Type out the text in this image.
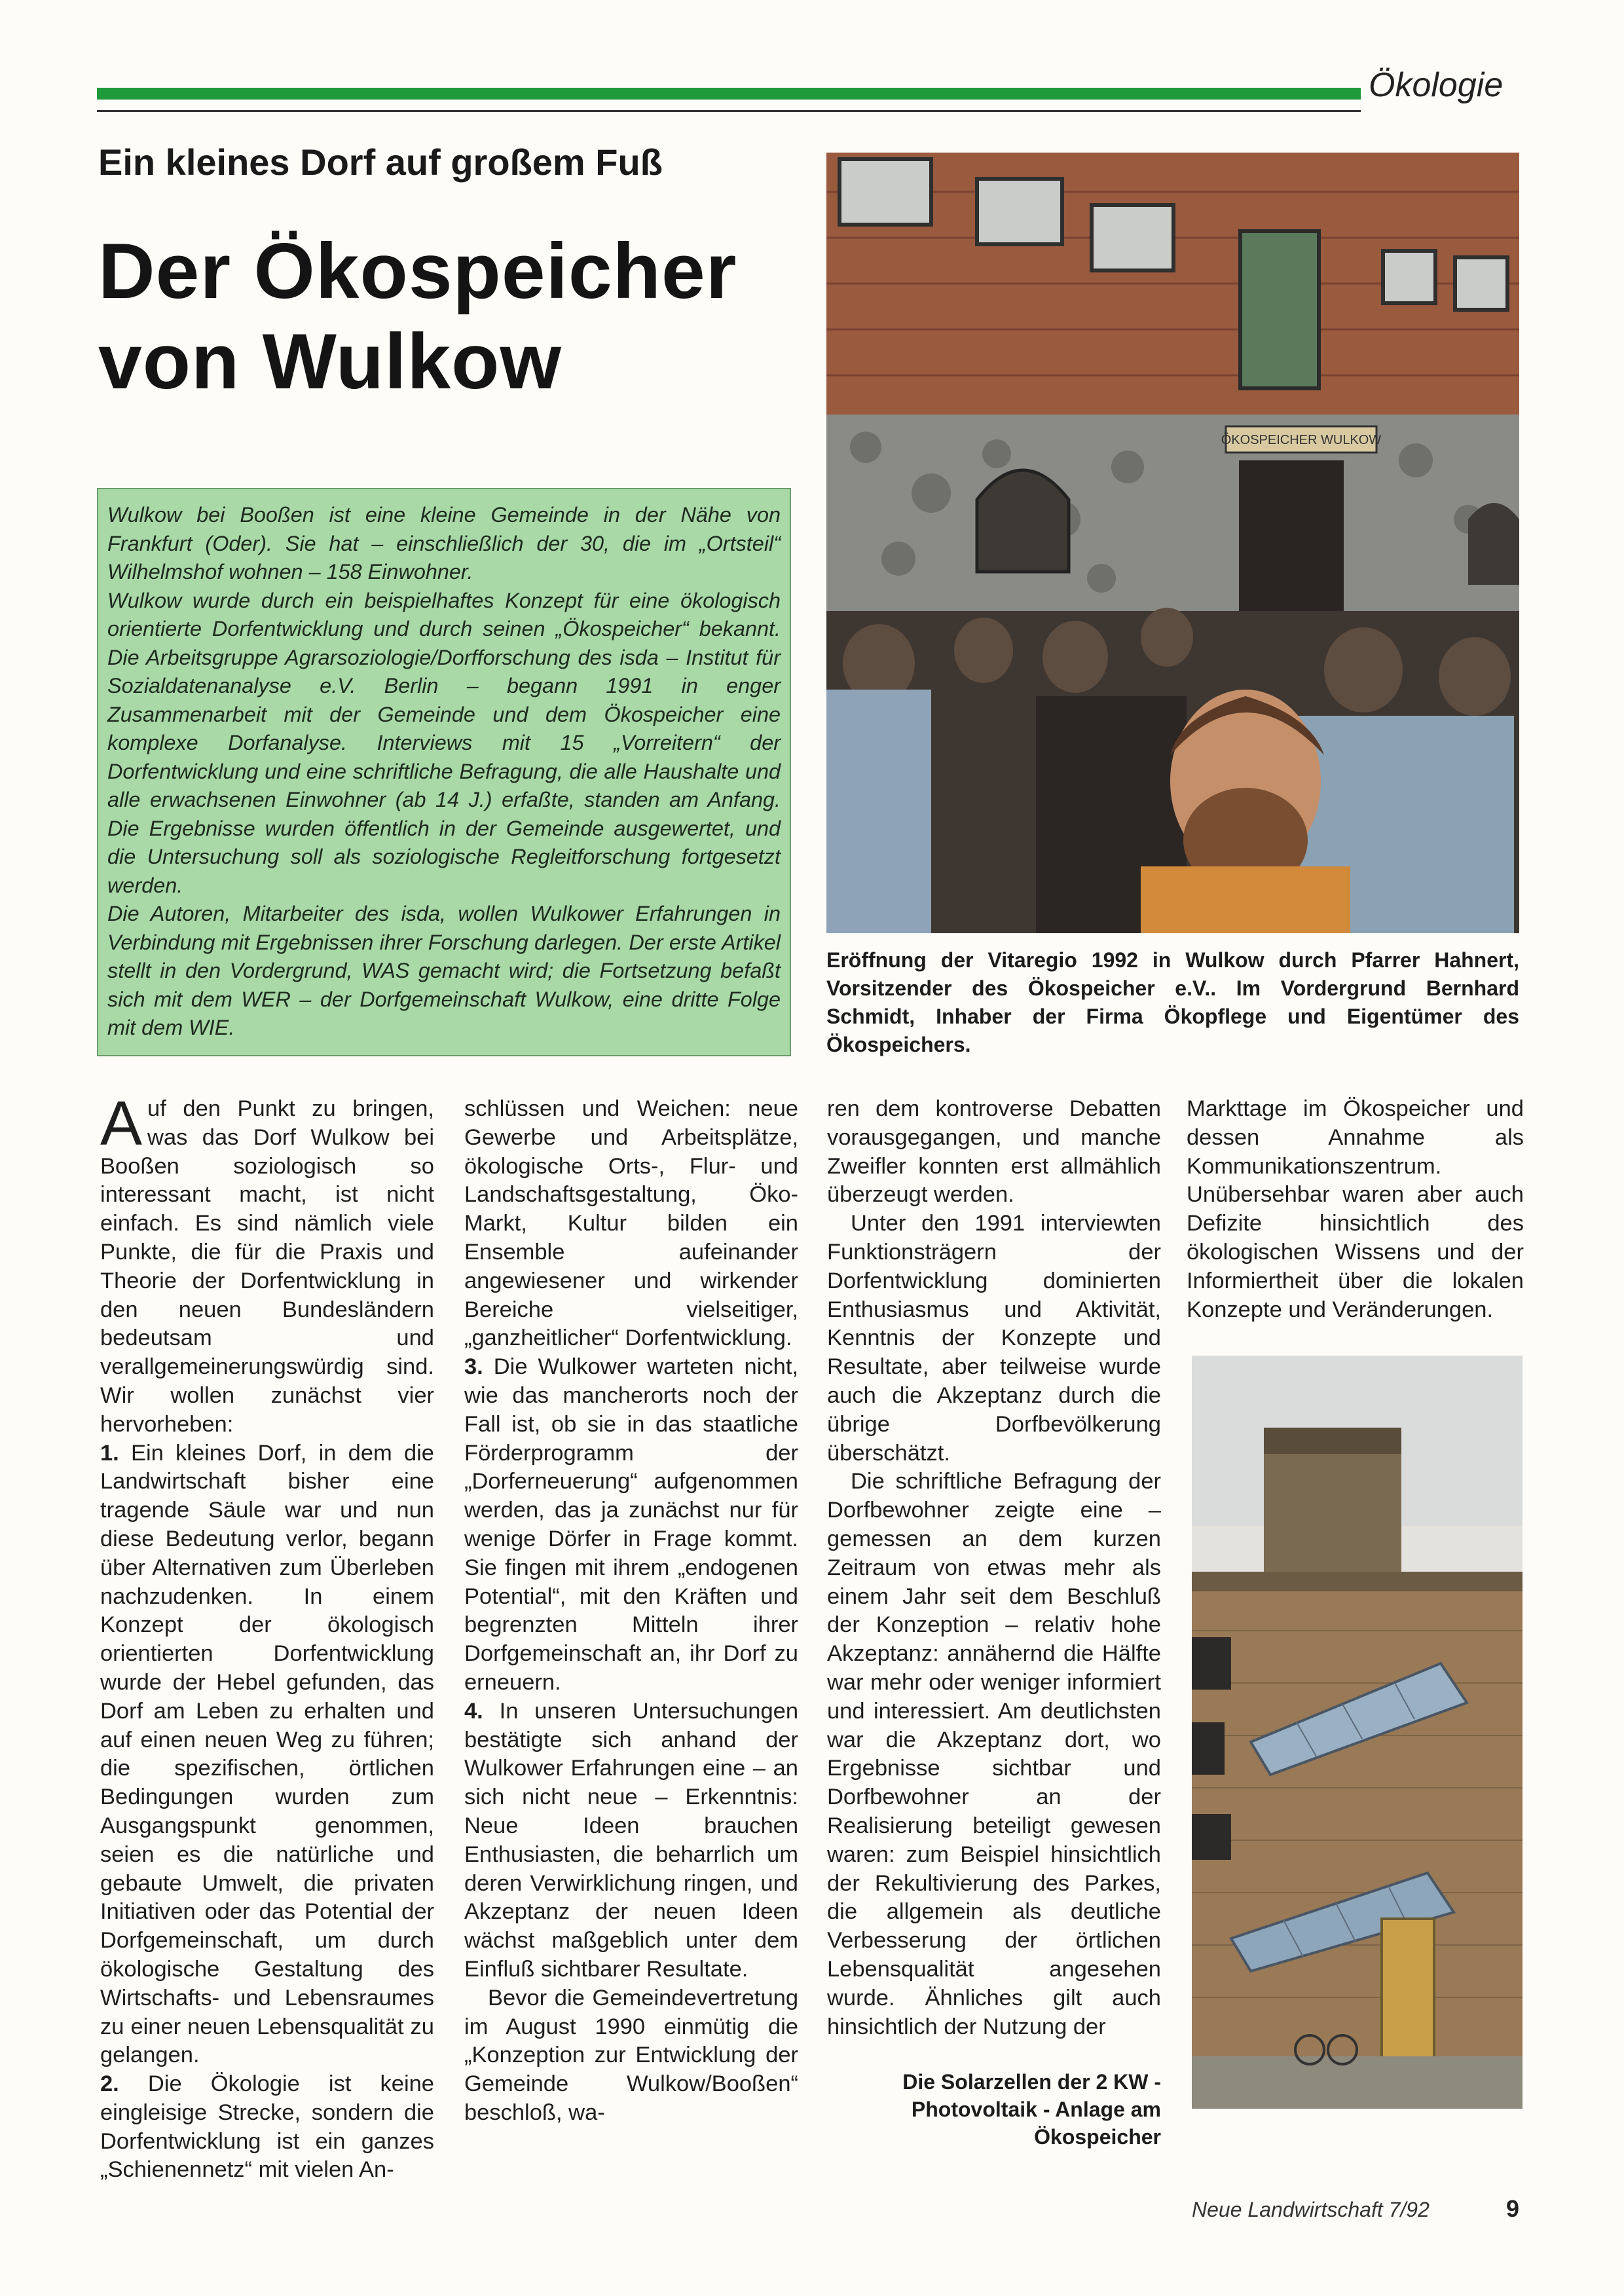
Ökologie
Ein kleines Dorf auf großem Fuß
Der Ökospeicher
von Wulkow

Wulkow bei Booßen ist eine kleine Gemeinde in der Nähe von Frankfurt (Oder). Sie hat – einschließlich der 30, die im „Ortsteil“ Wilhelmshof wohnen – 158 Einwohner.

Wulkow wurde durch ein beispielhaftes Konzept für eine ökologisch orientierte Dorfentwicklung und durch seinen „Ökospeicher“ bekannt. Die Arbeitsgruppe Agrarsoziologie/Dorfforschung des isda – Institut für Sozialdatenanalyse e.V. Berlin – begann 1991 in enger Zusammenarbeit mit der Gemeinde und dem Ökospeicher eine komplexe Dorfanalyse. Interviews mit 15 „Vorreitern“ der Dorfentwicklung und eine schriftliche Befragung, die alle Haushalte und alle erwachsenen Einwohner (ab 14 J.) erfaßte, standen am Anfang. Die Ergebnisse wurden öffentlich in der Gemeinde ausgewertet, und die Untersuchung soll als soziologische Regleitforschung fortgesetzt werden.

Die Autoren, Mitarbeiter des isda, wollen Wulkower Erfahrungen in Verbindung mit Ergebnissen ihrer Forschung darlegen. Der erste Artikel stellt in den Vordergrund, WAS gemacht wird; die Fortsetzung befaßt sich mit dem WER – der Dorfgemeinschaft Wulkow, eine dritte Folge mit dem WIE.

ÖKOSPEICHER WULKOW
Eröffnung der Vitaregio 1992 in Wulkow durch Pfarrer Hahnert, Vorsitzender des Ökospeicher e.V.. Im Vordergrund Bernhard Schmidt, Inhaber der Firma Ökopflege und Eigentümer des Ökospeichers.

Auf den Punkt zu bringen, was das Dorf Wulkow bei Booßen soziologisch so interessant macht, ist nicht einfach. Es sind nämlich viele Punkte, die für die Praxis und Theorie der Dorfentwicklung in den neuen Bundesländern bedeutsam und verallgemeinerungswürdig sind. Wir wollen zunächst vier hervorheben:

1. Ein kleines Dorf, in dem die Landwirtschaft bisher eine tragende Säule war und nun diese Bedeutung verlor, begann über Alternativen zum Überleben nachzudenken. In einem Konzept der ökologisch orientierten Dorfentwicklung wurde der Hebel gefunden, das Dorf am Leben zu erhalten und auf einen neuen Weg zu führen; die spezifischen, örtlichen Bedingungen wurden zum Ausgangspunkt genommen, seien es die natürliche und gebaute Umwelt, die privaten Initiativen oder das Potential der Dorfgemeinschaft, um durch ökologische Gestaltung des Wirtschafts- und Lebensraumes zu einer neuen Lebensqualität zu gelangen.

2. Die Ökologie ist keine eingleisige Strecke, sondern die Dorfentwicklung ist ein ganzes „Schienennetz“ mit vielen An-

schlüssen und Weichen: neue Gewerbe und Arbeitsplätze, ökologische Orts-, Flur- und Landschaftsgestaltung, Öko-Markt, Kultur bilden ein Ensemble aufeinander angewiesener und wirkender Bereiche vielseitiger, „ganzheitlicher“ Dorfentwicklung.

3. Die Wulkower warteten nicht, wie das mancherorts noch der Fall ist, ob sie in das staatliche Förderprogramm der „Dorferneuerung“ aufgenommen werden, das ja zunächst nur für wenige Dörfer in Frage kommt. Sie fingen mit ihrem „endogenen Potential“, mit den Kräften und begrenzten Mitteln ihrer Dorfgemeinschaft an, ihr Dorf zu erneuern.

4. In unseren Untersuchungen bestätigte sich anhand der Wulkower Erfahrungen eine – an sich nicht neue – Erkenntnis: Neue Ideen brauchen Enthusiasten, die beharrlich um deren Verwirklichung ringen, und Akzeptanz der neuen Ideen wächst maßgeblich unter dem Einfluß sichtbarer Resultate.

Bevor die Gemeindevertretung im August 1990 einmütig die „Konzeption zur Entwicklung der Gemeinde Wulkow/Booßen“ beschloß, wa-

ren dem kontroverse Debatten vorausgegangen, und manche Zweifler konnten erst allmählich überzeugt werden.

Unter den 1991 interviewten Funktionsträgern der Dorfentwicklung dominierten Enthusiasmus und Aktivität, Kenntnis der Konzepte und Resultate, aber teilweise wurde auch die Akzeptanz durch die übrige Dorfbevölkerung überschätzt.

Die schriftliche Befragung der Dorfbewohner zeigte eine – gemessen an dem kurzen Zeitraum von etwas mehr als einem Jahr seit dem Beschluß der Konzeption – relativ hohe Akzeptanz: annähernd die Hälfte war mehr oder weniger informiert und interessiert. Am deutlichsten war die Akzeptanz dort, wo Ergebnisse sichtbar und Dorfbewohner an der Realisierung beteiligt gewesen waren: zum Beispiel hinsichtlich der Rekultivierung des Parkes, die allgemein als deutliche Verbesserung der örtlichen Lebensqualität angesehen wurde. Ähnliches gilt auch hinsichtlich der Nutzung der

Markttage im Ökospeicher und dessen Annahme als Kommunikationszentrum. Unübersehbar waren aber auch Defizite hinsichtlich des ökologischen Wissens und der Informiertheit über die lokalen Konzepte und Veränderungen.

Die Solarzellen der 2 KW - Photovoltaik - Anlage am Ökospeicher
Neue Landwirtschaft 7/92	9
